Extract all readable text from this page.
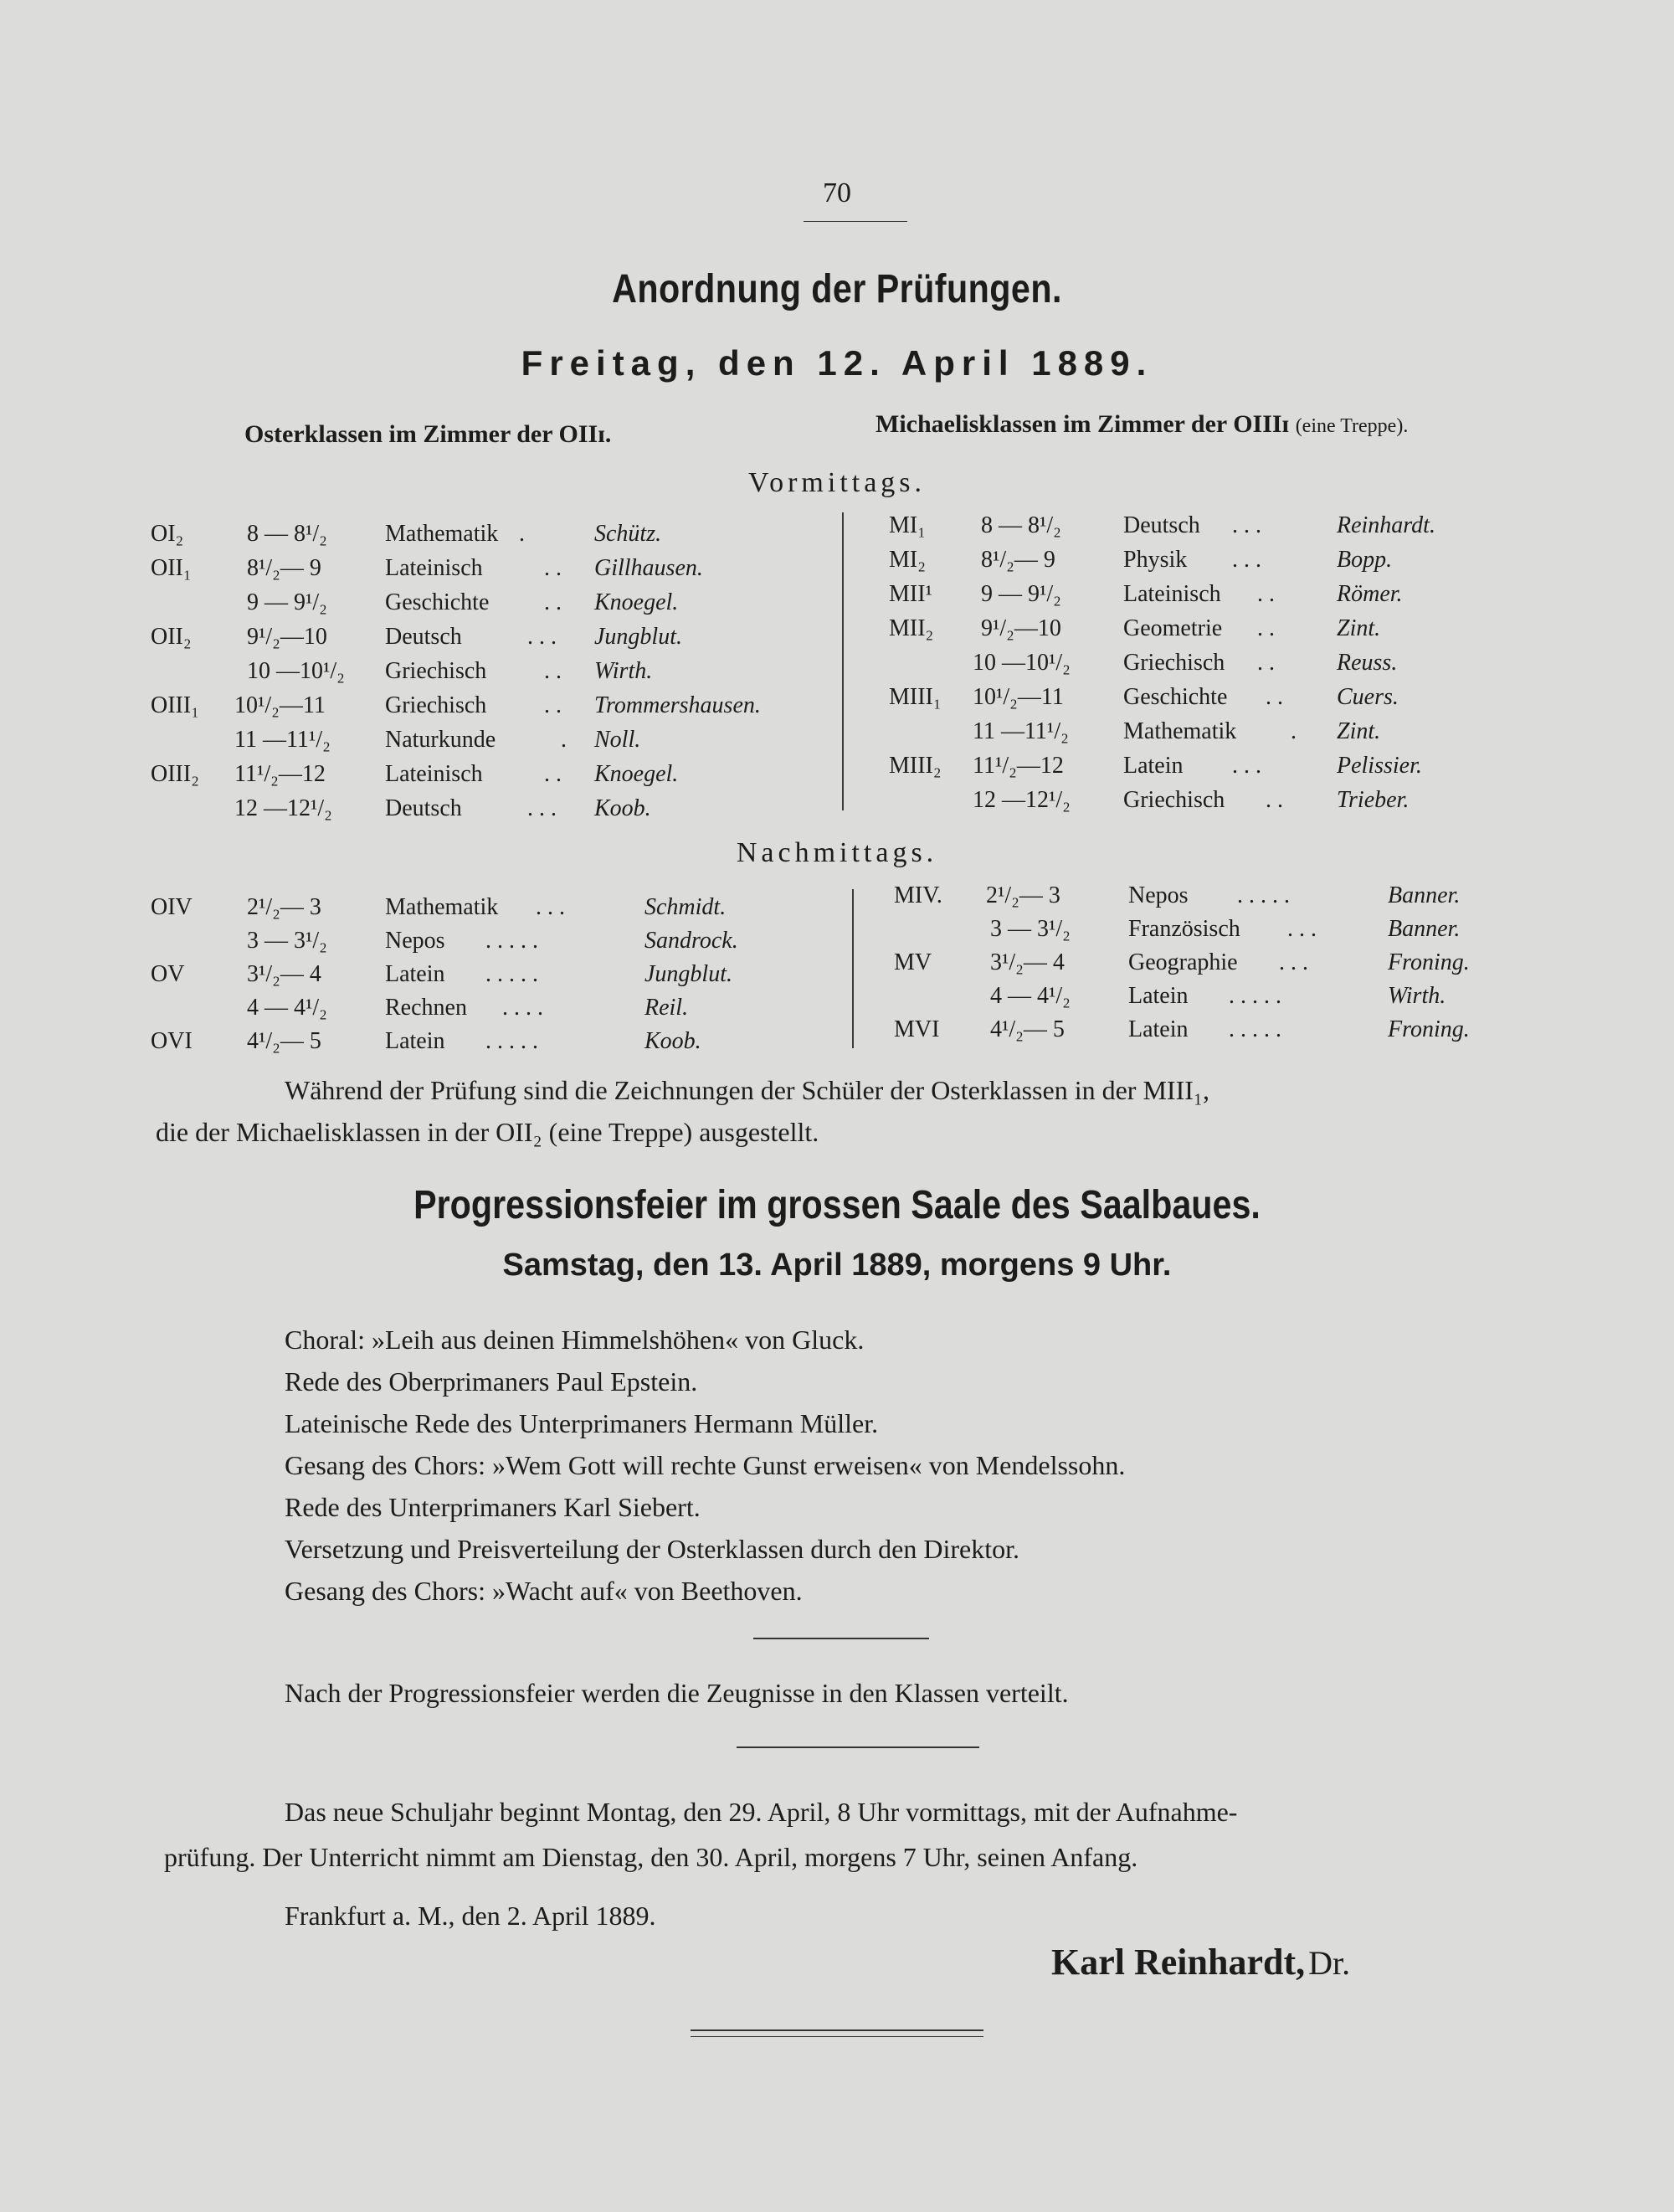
70
Anordnung der Prüfungen.
Freitag, den 12. April 1889.
Osterklassen im Zimmer der OIIɪ.	Michaelisklassen im Zimmer der OIIIɪ (eine Treppe).
Vormittags.
OI₂	8 — 8¹/₂ Mathematik .	Schütz.
OII₁ 8¹/₂— 9	Lateinisch	. . Gillhausen.
9 — 9¹/₂ Geschichte . . Knoegel.
OII₂ 9¹/₂—10 Deutsch	. . . Jungblut.
10 —10¹/₂ Griechisch . . Wirth.
OIII₁ 10¹/₂—11	Griechisch . . Trommershausen.
11 —11¹/₂ Naturkunde	. Noll.
OIII₂ 11¹/₂—12	Lateinisch	. . Knoegel.
12 —12¹/₂ Deutsch	. . . Koob.
MI₁ 8 — 8¹/₂	Deutsch . . .	Reinhardt.
MI₂ 8¹/₂— 9	Physik . . .	Bopp.
MII¹ 9 — 9¹/₂	Lateinisch . .	Römer.
MII₂ 9¹/₂—10	Geometrie . .	Zint.
10 —10¹/₂ Griechisch . .	Reuss.
MIII₁ 10¹/₂—11	Geschichte . . Cuers.
11 —11¹/₂ Mathematik . Zint.
MIII₂ 11¹/₂—12	Latein . . .	Pelissier.
12 —12¹/₂ Griechisch . . Trieber.
Nachmittags.
OIV 2¹/₂— 3	Mathematik . . .	Schmidt.
3 — 3¹/₂ Nepos . . . . .	Sandrock.
OV	3¹/₂— 4	Latein . . . . .	Jungblut.
4 — 4¹/₂ Rechnen . . . .	Reil.
OVI 4¹/₂— 5	Latein . . . . .	Koob.
MIV. 2¹/₂— 3	Nepos . . . . .	Banner.
3 — 3¹/₂ Französisch . . .	Banner.
MV 3¹/₂— 4	Geographie . . .	Froning.
4 — 4¹/₂ Latein . . . . .	Wirth.
MVI 4¹/₂— 5	Latein . . . . .	Froning.
Während der Prüfung sind die Zeichnungen der Schüler der Osterklassen in der MIII₁,
die der Michaelisklassen in der OII₂ (eine Treppe) ausgestellt.
Progressionsfeier im grossen Saale des Saalbaues.
Samstag, den 13. April 1889, morgens 9 Uhr.
Choral: »Leih aus deinen Himmelshöhen« von Gluck.
Rede des Oberprimaners Paul Epstein.
Lateinische Rede des Unterprimaners Hermann Müller.
Gesang des Chors: »Wem Gott will rechte Gunst erweisen« von Mendelssohn.
Rede des Unterprimaners Karl Siebert.
Versetzung und Preisverteilung der Osterklassen durch den Direktor.
Gesang des Chors: »Wacht auf« von Beethoven.
Nach der Progressionsfeier werden die Zeugnisse in den Klassen verteilt.
Das neue Schuljahr beginnt Montag, den 29. April, 8 Uhr vormittags, mit der Aufnahme-
prüfung. Der Unterricht nimmt am Dienstag, den 30. April, morgens 7 Uhr, seinen Anfang.
Frankfurt a. M., den 2. April 1889.
Karl Reinhardt, Dr.
